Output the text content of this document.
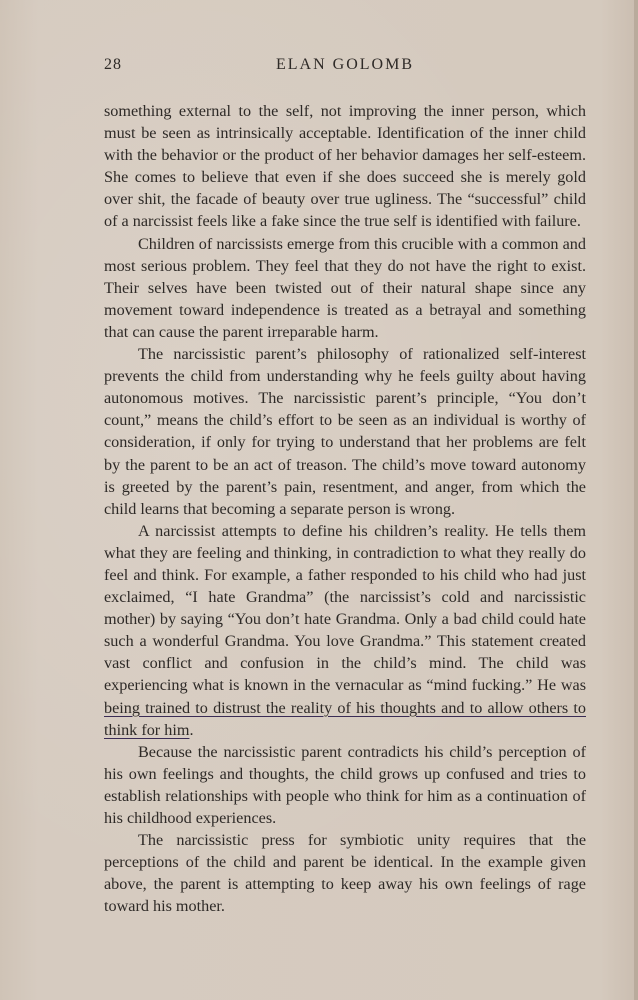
28	ELAN GOLOMB

something external to the self, not improving the inner person, which must be seen as intrinsically acceptable. Identification of the inner child with the behavior or the product of her behavior damages her self-esteem. She comes to believe that even if she does succeed she is merely gold over shit, the facade of beauty over true ugliness. The “successful” child of a narcissist feels like a fake since the true self is identified with failure.

Children of narcissists emerge from this crucible with a common and most serious problem. They feel that they do not have the right to exist. Their selves have been twisted out of their natural shape since any movement toward independence is treated as a betrayal and something that can cause the parent irreparable harm.

The narcissistic parent’s philosophy of rationalized self-interest prevents the child from understanding why he feels guilty about having autonomous motives. The narcissistic parent’s principle, “You don’t count,” means the child’s effort to be seen as an individual is worthy of consideration, if only for trying to understand that her problems are felt by the parent to be an act of treason. The child’s move toward autonomy is greeted by the parent’s pain, resentment, and anger, from which the child learns that becoming a separate person is wrong.

A narcissist attempts to define his children’s reality. He tells them what they are feeling and thinking, in contradiction to what they really do feel and think. For example, a father responded to his child who had just exclaimed, “I hate Grandma” (the narcissist’s cold and narcissistic mother) by saying “You don’t hate Grandma. Only a bad child could hate such a wonderful Grandma. You love Grandma.” This statement created vast conflict and confusion in the child’s mind. The child was experiencing what is known in the vernacular as “mind fucking.” He was being trained to distrust the reality of his thoughts and to allow others to think for him.

Because the narcissistic parent contradicts his child’s perception of his own feelings and thoughts, the child grows up confused and tries to establish relationships with people who think for him as a continuation of his childhood experiences.

The narcissistic press for symbiotic unity requires that the perceptions of the child and parent be identical. In the example given above, the parent is attempting to keep away his own feelings of rage toward his mother.
